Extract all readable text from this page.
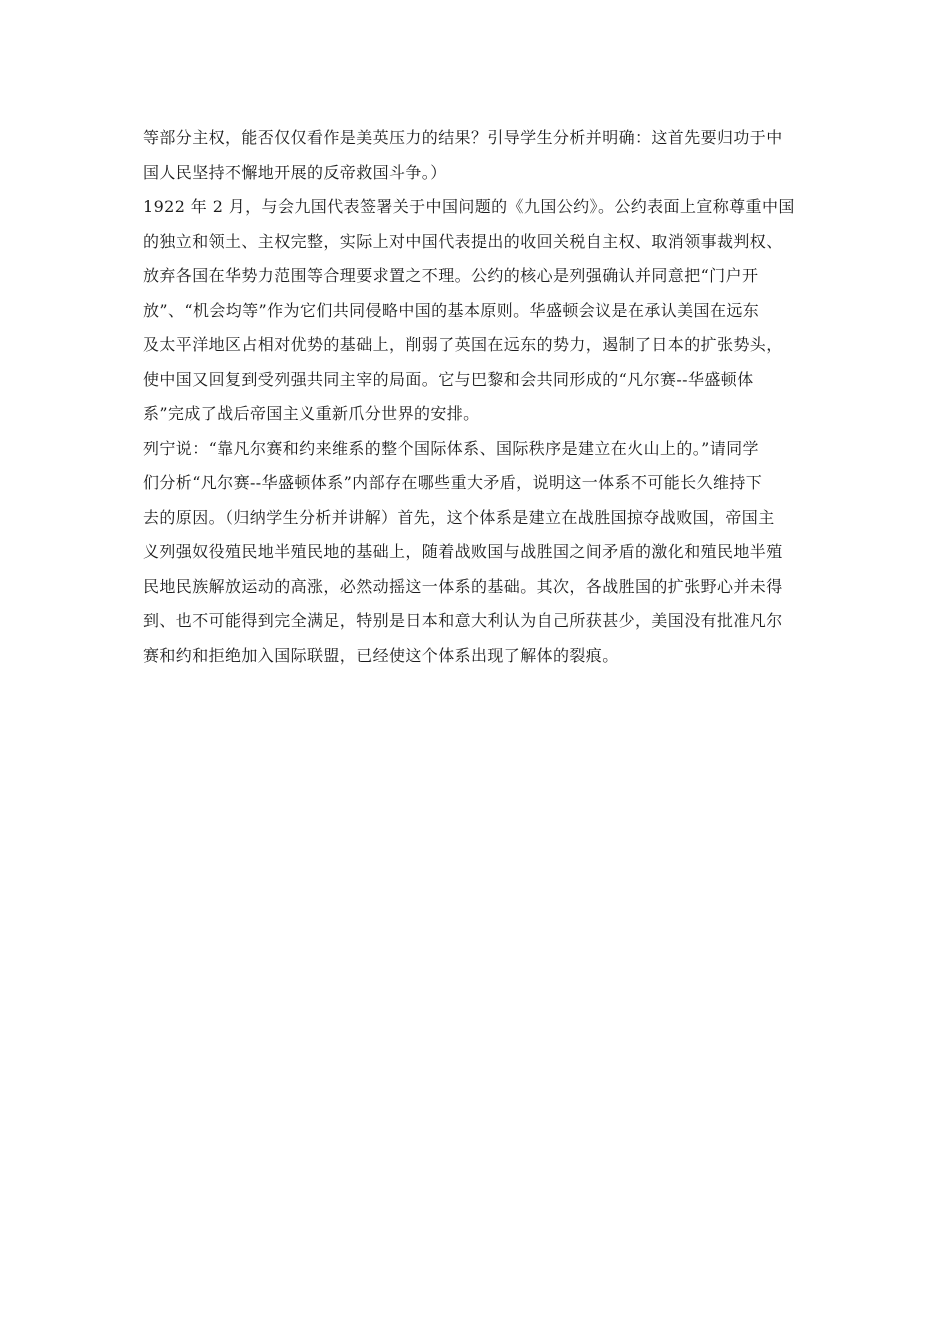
等部分主权，能否仅仅看作是美英压力的结果？引导学生分析并明确：这首先要归功于中
国人民坚持不懈地开展的反帝救国斗争。）

1922 年 2 月，与会九国代表签署关于中国问题的《九国公约》。公约表面上宣称尊重中国
的独立和领土、主权完整，实际上对中国代表提出的收回关税自主权、取消领事裁判权、
放弃各国在华势力范围等合理要求置之不理。公约的核心是列强确认并同意把“门户开
放”、“机会均等”作为它们共同侵略中国的基本原则。华盛顿会议是在承认美国在远东
及太平洋地区占相对优势的基础上，削弱了英国在远东的势力，遏制了日本的扩张势头，
使中国又回复到受列强共同主宰的局面。它与巴黎和会共同形成的“凡尔赛--华盛顿体
系”完成了战后帝国主义重新爪分世界的安排。

列宁说：“靠凡尔赛和约来维系的整个国际体系、国际秩序是建立在火山上的。”请同学
们分析“凡尔赛--华盛顿体系”内部存在哪些重大矛盾，说明这一体系不可能长久维持下
去的原因。（归纳学生分析并讲解）首先，这个体系是建立在战胜国掠夺战败国，帝国主
义列强奴役殖民地半殖民地的基础上，随着战败国与战胜国之间矛盾的激化和殖民地半殖
民地民族解放运动的高涨，必然动摇这一体系的基础。其次，各战胜国的扩张野心并未得
到、也不可能得到完全满足，特别是日本和意大利认为自己所获甚少，美国没有批准凡尔
赛和约和拒绝加入国际联盟，已经使这个体系出现了解体的裂痕。
